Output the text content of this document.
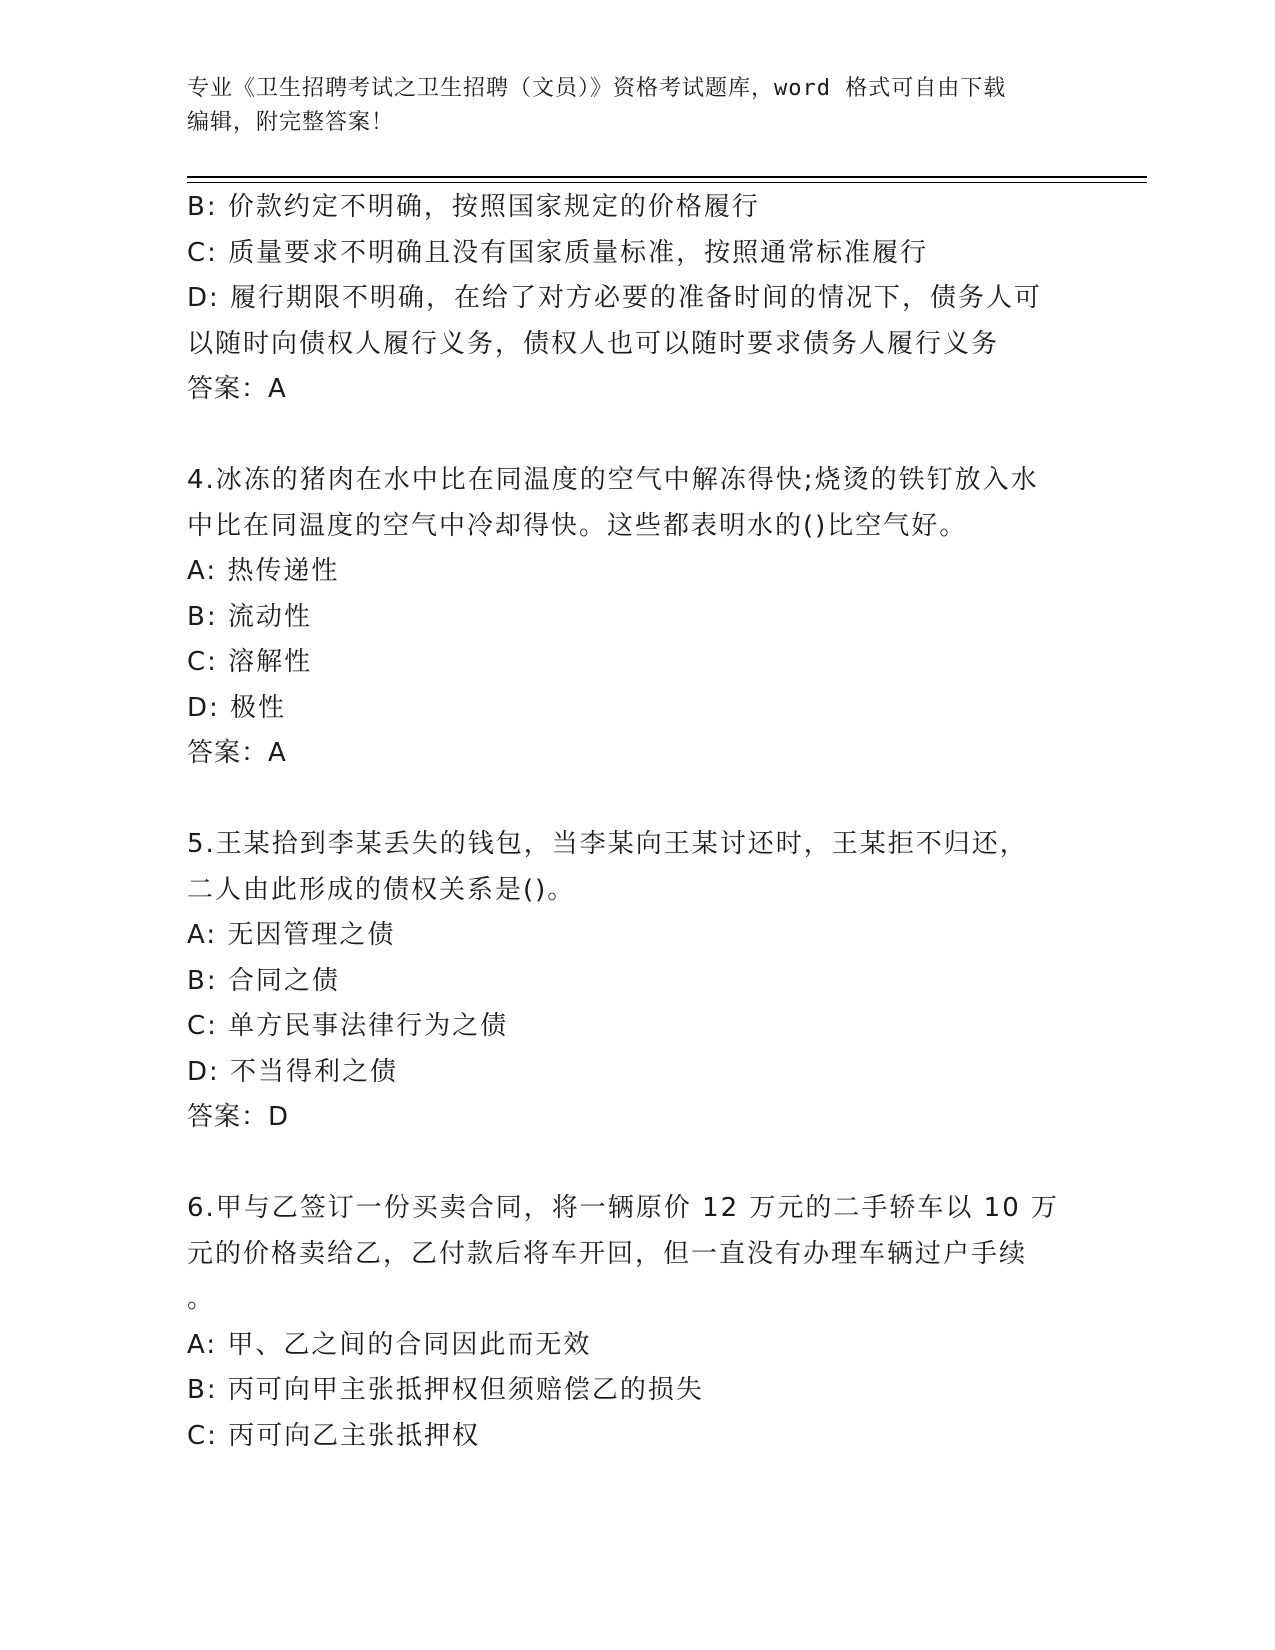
专业《卫生招聘考试之卫生招聘（文员）》资格考试题库，word 格式可自由下载
编辑，附完整答案！
B: 价款约定不明确，按照国家规定的价格履行
C: 质量要求不明确且没有国家质量标准，按照通常标准履行
D: 履行期限不明确，在给了对方必要的准备时间的情况下，债务人可
以随时向债权人履行义务，债权人也可以随时要求债务人履行义务
答案：A
4.冰冻的猪肉在水中比在同温度的空气中解冻得快;烧烫的铁钉放入水
中比在同温度的空气中冷却得快。这些都表明水的()比空气好。
A: 热传递性
B: 流动性
C: 溶解性
D: 极性
答案：A
5.王某拾到李某丢失的钱包，当李某向王某讨还时，王某拒不归还，
二人由此形成的债权关系是()。
A: 无因管理之债
B: 合同之债
C: 单方民事法律行为之债
D: 不当得利之债
答案：D
6.甲与乙签订一份买卖合同，将一辆原价 12 万元的二手轿车以 10 万
元的价格卖给乙，乙付款后将车开回，但一直没有办理车辆过户手续
。
A: 甲、乙之间的合同因此而无效
B: 丙可向甲主张抵押权但须赔偿乙的损失
C: 丙可向乙主张抵押权
